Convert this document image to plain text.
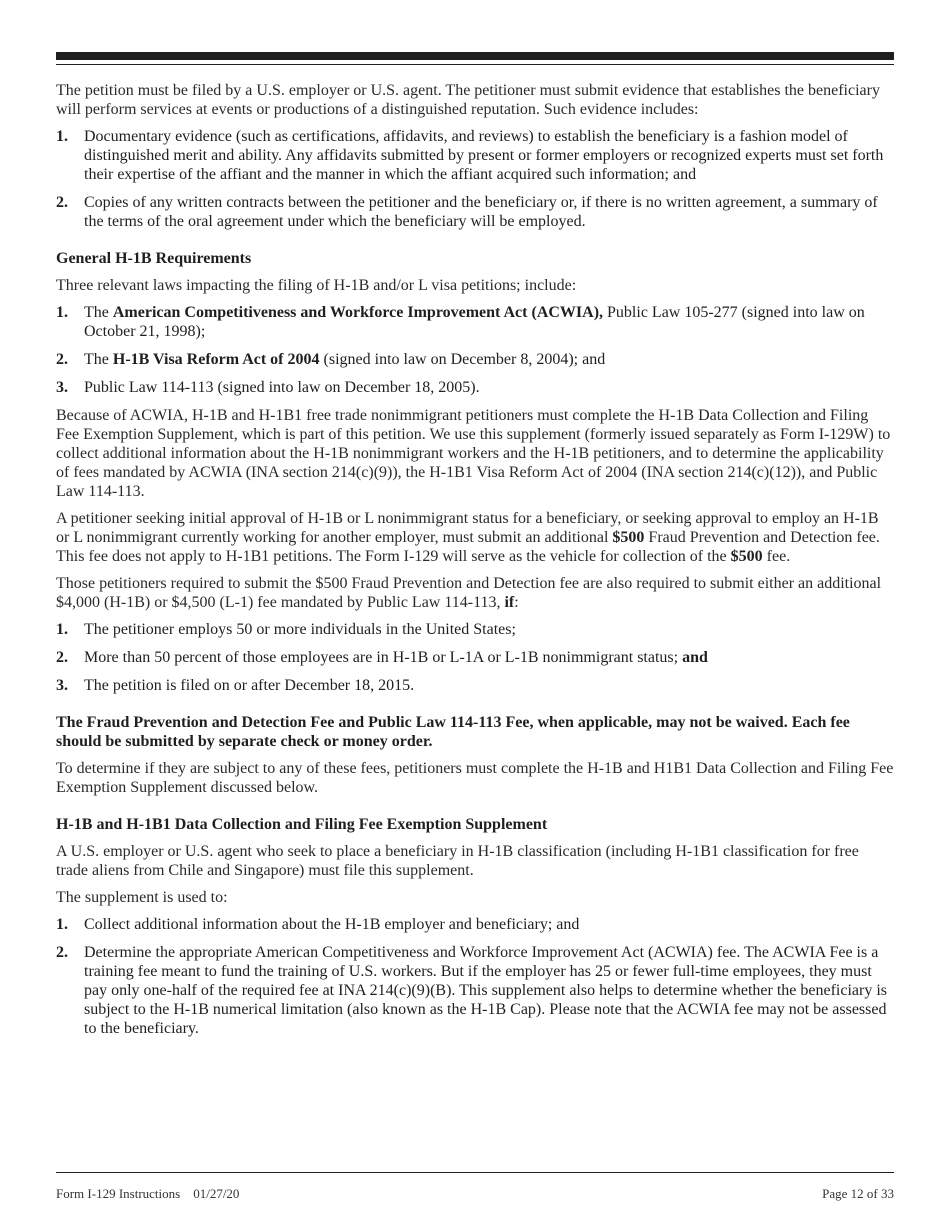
The petition must be filed by a U.S. employer or U.S. agent. The petitioner must submit evidence that establishes the beneficiary will perform services at events or productions of a distinguished reputation. Such evidence includes:

1. Documentary evidence (such as certifications, affidavits, and reviews) to establish the beneficiary is a fashion model of distinguished merit and ability. Any affidavits submitted by present or former employers or recognized experts must set forth their expertise of the affiant and the manner in which the affiant acquired such information; and
2. Copies of any written contracts between the petitioner and the beneficiary or, if there is no written agreement, a summary of the terms of the oral agreement under which the beneficiary will be employed.
General H-1B Requirements

Three relevant laws impacting the filing of H-1B and/or L visa petitions; include:

1. The American Competitiveness and Workforce Improvement Act (ACWIA), Public Law 105-277 (signed into law on October 21, 1998);
2. The H-1B Visa Reform Act of 2004 (signed into law on December 8, 2004); and
3. Public Law 114-113 (signed into law on December 18, 2005).

Because of ACWIA, H-1B and H-1B1 free trade nonimmigrant petitioners must complete the H-1B Data Collection and Filing Fee Exemption Supplement, which is part of this petition. We use this supplement (formerly issued separately as Form I-129W) to collect additional information about the H-1B nonimmigrant workers and the H-1B petitioners, and to determine the applicability of fees mandated by ACWIA (INA section 214(c)(9)), the H-1B1 Visa Reform Act of 2004 (INA section 214(c)(12)), and Public Law 114-113.

A petitioner seeking initial approval of H-1B or L nonimmigrant status for a beneficiary, or seeking approval to employ an H-1B or L nonimmigrant currently working for another employer, must submit an additional $500 Fraud Prevention and Detection fee. This fee does not apply to H-1B1 petitions. The Form I-129 will serve as the vehicle for collection of the $500 fee.

Those petitioners required to submit the $500 Fraud Prevention and Detection fee are also required to submit either an additional $4,000 (H-1B) or $4,500 (L-1) fee mandated by Public Law 114-113, if:

1. The petitioner employs 50 or more individuals in the United States;
2. More than 50 percent of those employees are in H-1B or L-1A or L-1B nonimmigrant status; and
3. The petition is filed on or after December 18, 2015.

The Fraud Prevention and Detection Fee and Public Law 114-113 Fee, when applicable, may not be waived. Each fee should be submitted by separate check or money order.

To determine if they are subject to any of these fees, petitioners must complete the H-1B and H1B1 Data Collection and Filing Fee Exemption Supplement discussed below.

H-1B and H-1B1 Data Collection and Filing Fee Exemption Supplement

A U.S. employer or U.S. agent who seek to place a beneficiary in H-1B classification (including H-1B1 classification for free trade aliens from Chile and Singapore) must file this supplement.

The supplement is used to:

1. Collect additional information about the H-1B employer and beneficiary; and
2. Determine the appropriate American Competitiveness and Workforce Improvement Act (ACWIA) fee. The ACWIA Fee is a training fee meant to fund the training of U.S. workers. But if the employer has 25 or fewer full-time employees, they must pay only one-half of the required fee at INA 214(c)(9)(B). This supplement also helps to determine whether the beneficiary is subject to the H-1B numerical limitation (also known as the H-1B Cap). Please note that the ACWIA fee may not be assessed to the beneficiary.
Form I-129 Instructions    01/27/20	Page 12 of 33
